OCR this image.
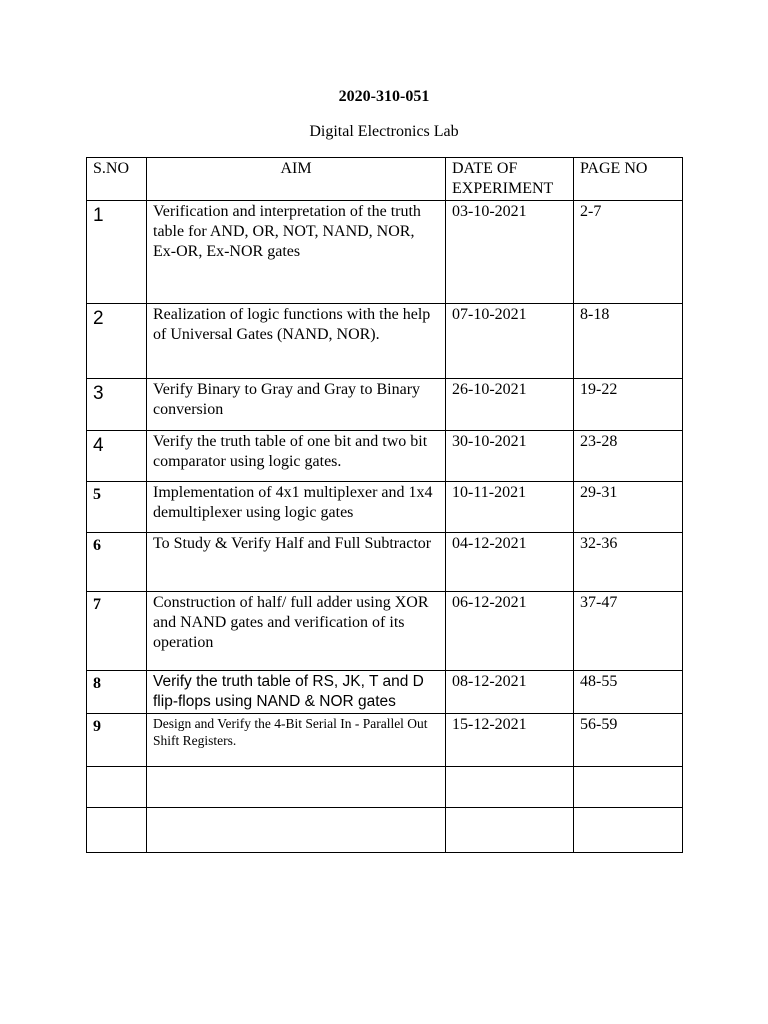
2020-310-051
Digital Electronics Lab
S.NO	AIM	DATE OF EXPERIMENT	PAGE NO
1	Verification and interpretation of the truth table for AND, OR, NOT, NAND, NOR, Ex-OR, Ex-NOR gates	03-10-2021	2-7
2	Realization of logic functions with the help of Universal Gates (NAND, NOR).	07-10-2021	8-18
3	Verify Binary to Gray and Gray to Binary conversion	26-10-2021	19-22
4	Verify the truth table of one bit and two bit comparator using logic gates.	30-10-2021	23-28
5	Implementation of 4x1 multiplexer and 1x4 demultiplexer using logic gates	10-11-2021	29-31
6	To Study & Verify Half and Full Subtractor	04-12-2021	32-36
7	Construction of half/ full adder using XOR and NAND gates and verification of its operation	06-12-2021	37-47
8	Verify the truth table of RS, JK, T and D flip-flops using NAND & NOR gates	08-12-2021	48-55
9	Design and Verify the 4-Bit Serial In - Parallel Out Shift Registers.	15-12-2021	56-59
